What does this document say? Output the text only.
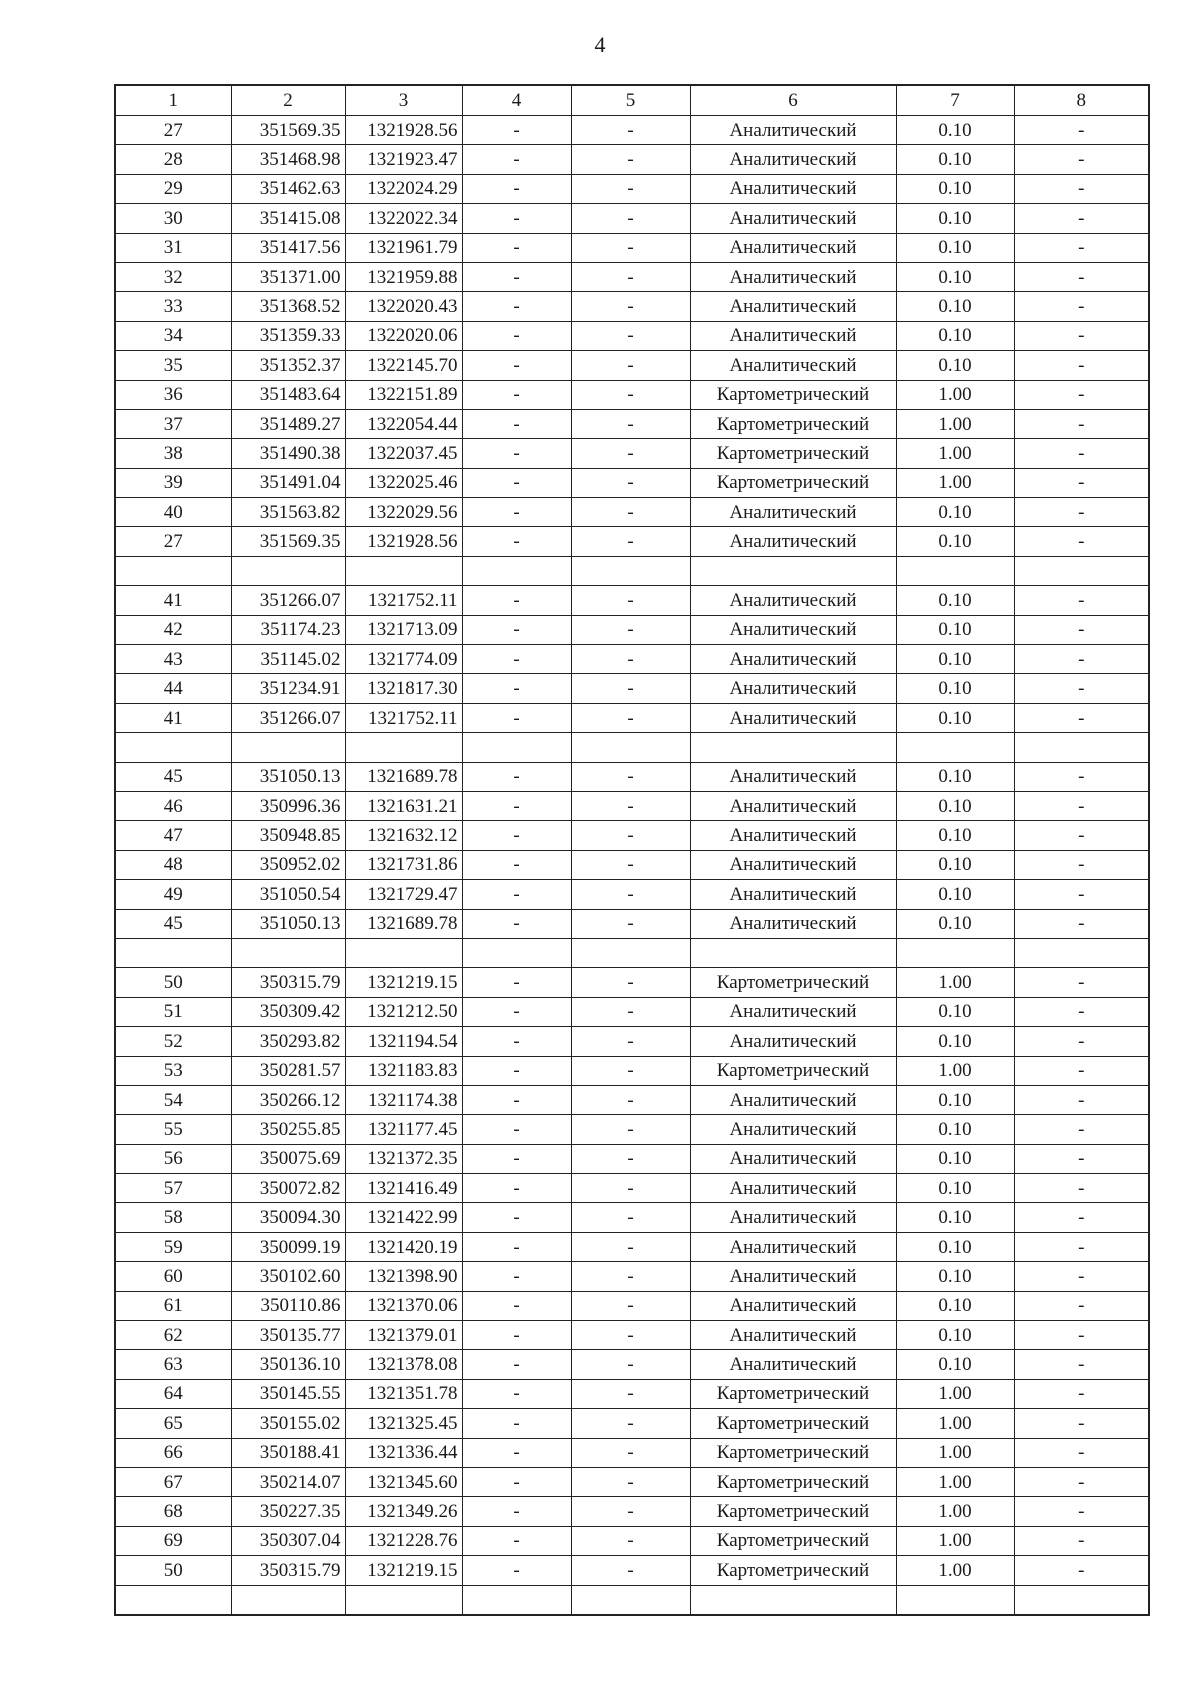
4
1	2	3	4	5	6	7	8
27	351569.35	1321928.56	-	-	Аналитический	0.10	-
28	351468.98	1321923.47	-	-	Аналитический	0.10	-
29	351462.63	1322024.29	-	-	Аналитический	0.10	-
30	351415.08	1322022.34	-	-	Аналитический	0.10	-
31	351417.56	1321961.79	-	-	Аналитический	0.10	-
32	351371.00	1321959.88	-	-	Аналитический	0.10	-
33	351368.52	1322020.43	-	-	Аналитический	0.10	-
34	351359.33	1322020.06	-	-	Аналитический	0.10	-
35	351352.37	1322145.70	-	-	Аналитический	0.10	-
36	351483.64	1322151.89	-	-	Картометрический	1.00	-
37	351489.27	1322054.44	-	-	Картометрический	1.00	-
38	351490.38	1322037.45	-	-	Картометрический	1.00	-
39	351491.04	1322025.46	-	-	Картометрический	1.00	-
40	351563.82	1322029.56	-	-	Аналитический	0.10	-
27	351569.35	1321928.56	-	-	Аналитический	0.10	-

41	351266.07	1321752.11	-	-	Аналитический	0.10	-
42	351174.23	1321713.09	-	-	Аналитический	0.10	-
43	351145.02	1321774.09	-	-	Аналитический	0.10	-
44	351234.91	1321817.30	-	-	Аналитический	0.10	-
41	351266.07	1321752.11	-	-	Аналитический	0.10	-

45	351050.13	1321689.78	-	-	Аналитический	0.10	-
46	350996.36	1321631.21	-	-	Аналитический	0.10	-
47	350948.85	1321632.12	-	-	Аналитический	0.10	-
48	350952.02	1321731.86	-	-	Аналитический	0.10	-
49	351050.54	1321729.47	-	-	Аналитический	0.10	-
45	351050.13	1321689.78	-	-	Аналитический	0.10	-

50	350315.79	1321219.15	-	-	Картометрический	1.00	-
51	350309.42	1321212.50	-	-	Аналитический	0.10	-
52	350293.82	1321194.54	-	-	Аналитический	0.10	-
53	350281.57	1321183.83	-	-	Картометрический	1.00	-
54	350266.12	1321174.38	-	-	Аналитический	0.10	-
55	350255.85	1321177.45	-	-	Аналитический	0.10	-
56	350075.69	1321372.35	-	-	Аналитический	0.10	-
57	350072.82	1321416.49	-	-	Аналитический	0.10	-
58	350094.30	1321422.99	-	-	Аналитический	0.10	-
59	350099.19	1321420.19	-	-	Аналитический	0.10	-
60	350102.60	1321398.90	-	-	Аналитический	0.10	-
61	350110.86	1321370.06	-	-	Аналитический	0.10	-
62	350135.77	1321379.01	-	-	Аналитический	0.10	-
63	350136.10	1321378.08	-	-	Аналитический	0.10	-
64	350145.55	1321351.78	-	-	Картометрический	1.00	-
65	350155.02	1321325.45	-	-	Картометрический	1.00	-
66	350188.41	1321336.44	-	-	Картометрический	1.00	-
67	350214.07	1321345.60	-	-	Картометрический	1.00	-
68	350227.35	1321349.26	-	-	Картометрический	1.00	-
69	350307.04	1321228.76	-	-	Картометрический	1.00	-
50	350315.79	1321219.15	-	-	Картометрический	1.00	-
